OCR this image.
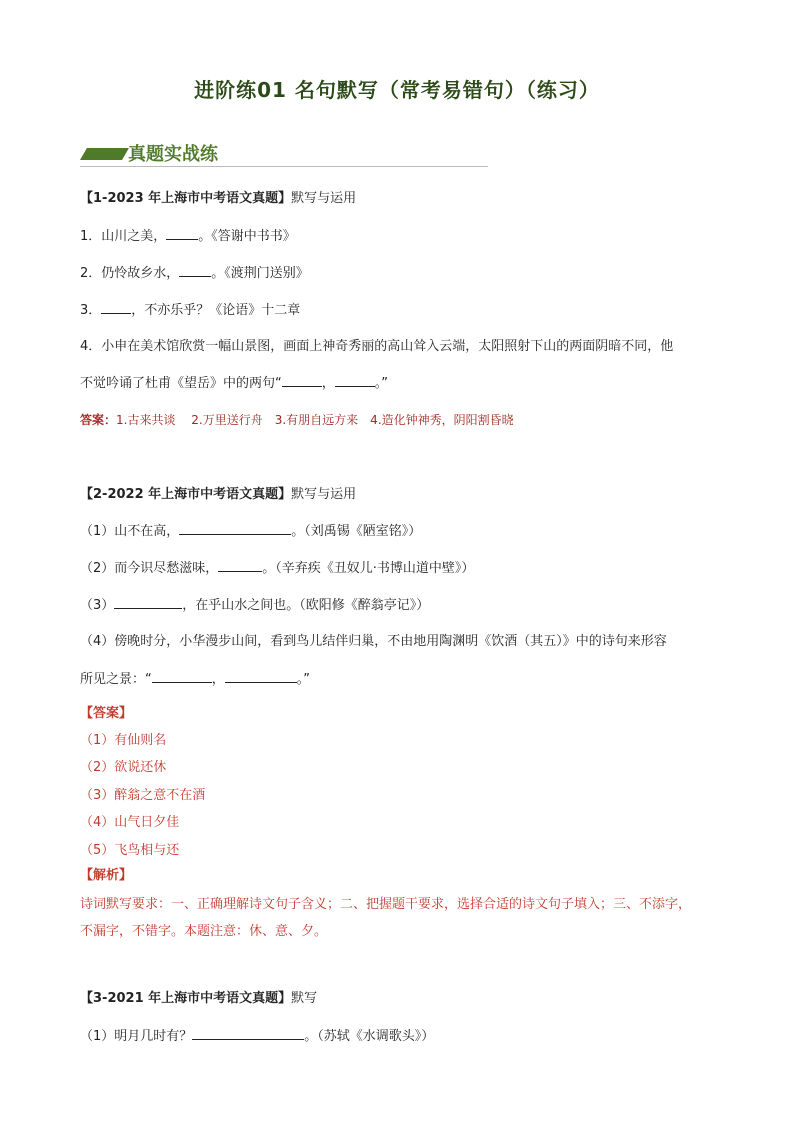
进阶练01 名句默写（常考易错句）（练习）
真题实战练
【1-2023 年上海市中考语文真题】默写与运用
1．山川之美， 。《答谢中书书》
2．仍怜故乡水， 。《渡荆门送别》
3． ，不亦乐乎？《论语》十二章
4．小申在美术馆欣赏一幅山景图，画面上神奇秀丽的高山耸入云端，太阳照射下山的两面阴暗不同，他
不觉吟诵了杜甫《望岳》中的两句“	，	。”
答案：1.古来共谈　 2.万里送行舟　3.有朋自远方来　4.造化钟神秀，阴阳割昏晓
【2-2022 年上海市中考语文真题】默写与运用
（1）山不在高，	。（刘禹锡《陋室铭》）
（2）而今识尽愁滋味，	。（辛弃疾《丑奴儿·书博山道中壁》）
（3）	，在乎山水之间也。（欧阳修《醉翁亭记》）
（4）傍晚时分，小华漫步山间，看到鸟儿结伴归巢，不由地用陶渊明《饮酒（其五）》中的诗句来形容
所见之景：“	，	。”
【答案】
（1）有仙则名
（2）欲说还休
（3）醉翁之意不在酒
（4）山气日夕佳
（5）飞鸟相与还
【解析】
诗词默写要求：一、正确理解诗文句子含义；二、把握题干要求，选择合适的诗文句子填入；三、不添字，
不漏字，不错字。本题注意：休、意、夕。
【3-2021 年上海市中考语文真题】默写
（1）明月几时有？	。（苏轼《水调歌头》）
